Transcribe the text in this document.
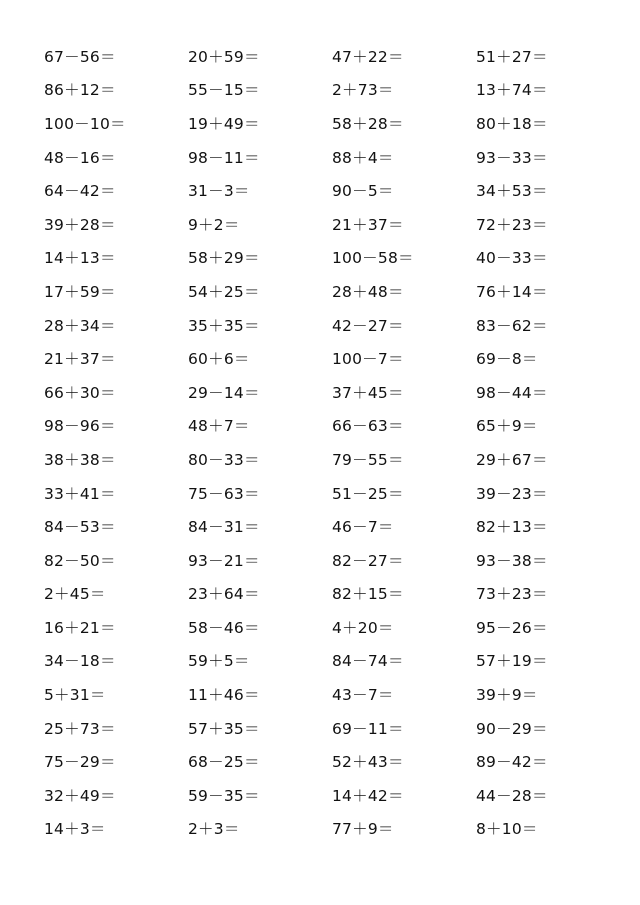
67－56＝	20＋59＝	47＋22＝	51＋27＝
86＋12＝	55－15＝	2＋73＝	13＋74＝
100－10＝	19＋49＝	58＋28＝	80＋18＝
48－16＝	98－11＝	88＋4＝	93－33＝
64－42＝	31－3＝	90－5＝	34＋53＝
39＋28＝	9＋2＝	21＋37＝	72＋23＝
14＋13＝	58＋29＝	100－58＝	40－33＝
17＋59＝	54＋25＝	28＋48＝	76＋14＝
28＋34＝	35＋35＝	42－27＝	83－62＝
21＋37＝	60＋6＝	100－7＝	69－8＝
66＋30＝	29－14＝	37＋45＝	98－44＝
98－96＝	48＋7＝	66－63＝	65＋9＝
38＋38＝	80－33＝	79－55＝	29＋67＝
33＋41＝	75－63＝	51－25＝	39－23＝
84－53＝	84－31＝	46－7＝	82＋13＝
82－50＝	93－21＝	82－27＝	93－38＝
2＋45＝	23＋64＝	82＋15＝	73＋23＝
16＋21＝	58－46＝	4＋20＝	95－26＝
34－18＝	59＋5＝	84－74＝	57＋19＝
5＋31＝	11＋46＝	43－7＝	39＋9＝
25＋73＝	57＋35＝	69－11＝	90－29＝
75－29＝	68－25＝	52＋43＝	89－42＝
32＋49＝	59－35＝	14＋42＝	44－28＝
14＋3＝	2＋3＝	77＋9＝	8＋10＝
